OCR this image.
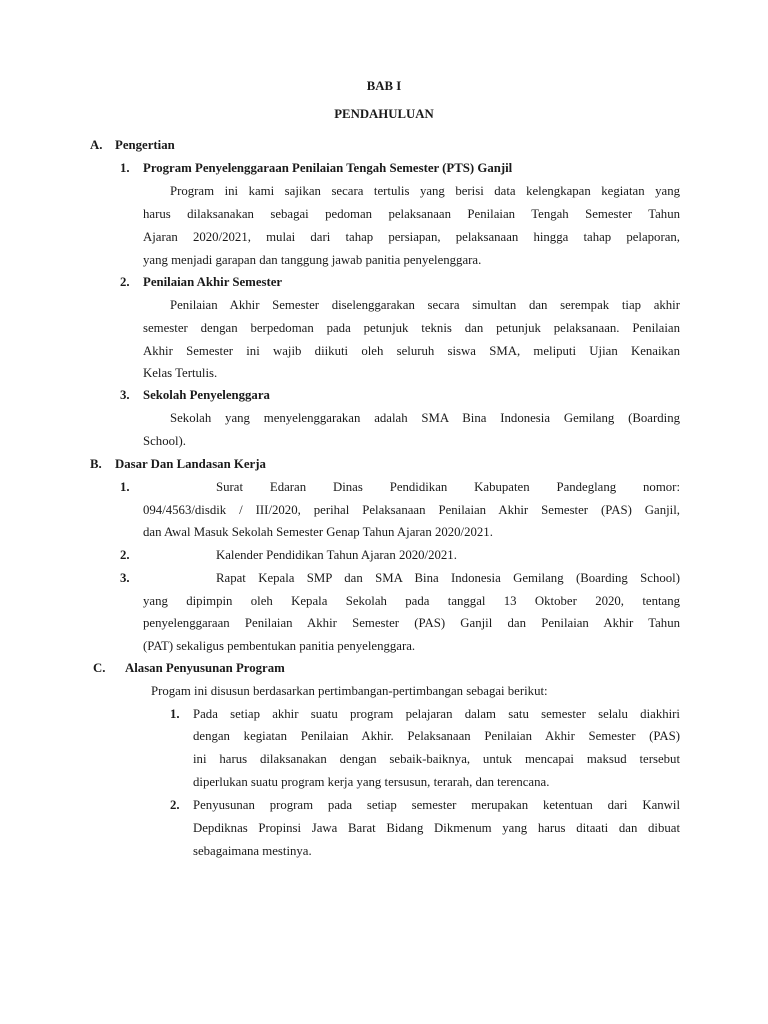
BAB I
PENDAHULUAN
A. Pengertian
1. Program Penyelenggaraan Penilaian Tengah Semester (PTS) Ganjil
Program ini kami sajikan secara tertulis yang berisi data kelengkapan kegiatan yang
harus dilaksanakan sebagai pedoman pelaksanaan Penilaian Tengah Semester Tahun
Ajaran 2020/2021, mulai dari tahap persiapan, pelaksanaan hingga tahap pelaporan,
yang menjadi garapan dan tanggung jawab panitia penyelenggara.
2. Penilaian Akhir Semester
Penilaian Akhir Semester diselenggarakan secara simultan dan serempak tiap akhir
semester dengan berpedoman pada petunjuk teknis dan petunjuk pelaksanaan. Penilaian
Akhir Semester ini wajib diikuti oleh seluruh siswa SMA, meliputi Ujian Kenaikan
Kelas Tertulis.
3. Sekolah Penyelenggara
Sekolah yang menyelenggarakan adalah SMA Bina Indonesia Gemilang (Boarding
School).
B. Dasar Dan Landasan Kerja
1.	Surat Edaran Dinas Pendidikan Kabupaten Pandeglang nomor:
094/4563/disdik / III/2020, perihal Pelaksanaan Penilaian Akhir Semester (PAS) Ganjil,
dan Awal Masuk Sekolah Semester Genap Tahun Ajaran 2020/2021.
2.	Kalender Pendidikan Tahun Ajaran 2020/2021.
3.	Rapat Kepala SMP dan SMA Bina Indonesia Gemilang (Boarding School)
yang dipimpin oleh Kepala Sekolah pada tanggal 13 Oktober 2020, tentang
penyelenggaraan Penilaian Akhir Semester (PAS) Ganjil dan Penilaian Akhir Tahun
(PAT) sekaligus pembentukan panitia penyelenggara.
C. Alasan Penyusunan Program
Progam ini disusun berdasarkan pertimbangan-pertimbangan sebagai berikut:
1. Pada setiap akhir suatu program pelajaran dalam satu semester selalu diakhiri
dengan kegiatan Penilaian Akhir. Pelaksanaan Penilaian Akhir Semester (PAS)
ini harus dilaksanakan dengan sebaik-baiknya, untuk mencapai maksud tersebut
diperlukan suatu program kerja yang tersusun, terarah, dan terencana.
2. Penyusunan program pada setiap semester merupakan ketentuan dari Kanwil
Depdiknas Propinsi Jawa Barat Bidang Dikmenum yang harus ditaati dan dibuat
sebagaimana mestinya.
